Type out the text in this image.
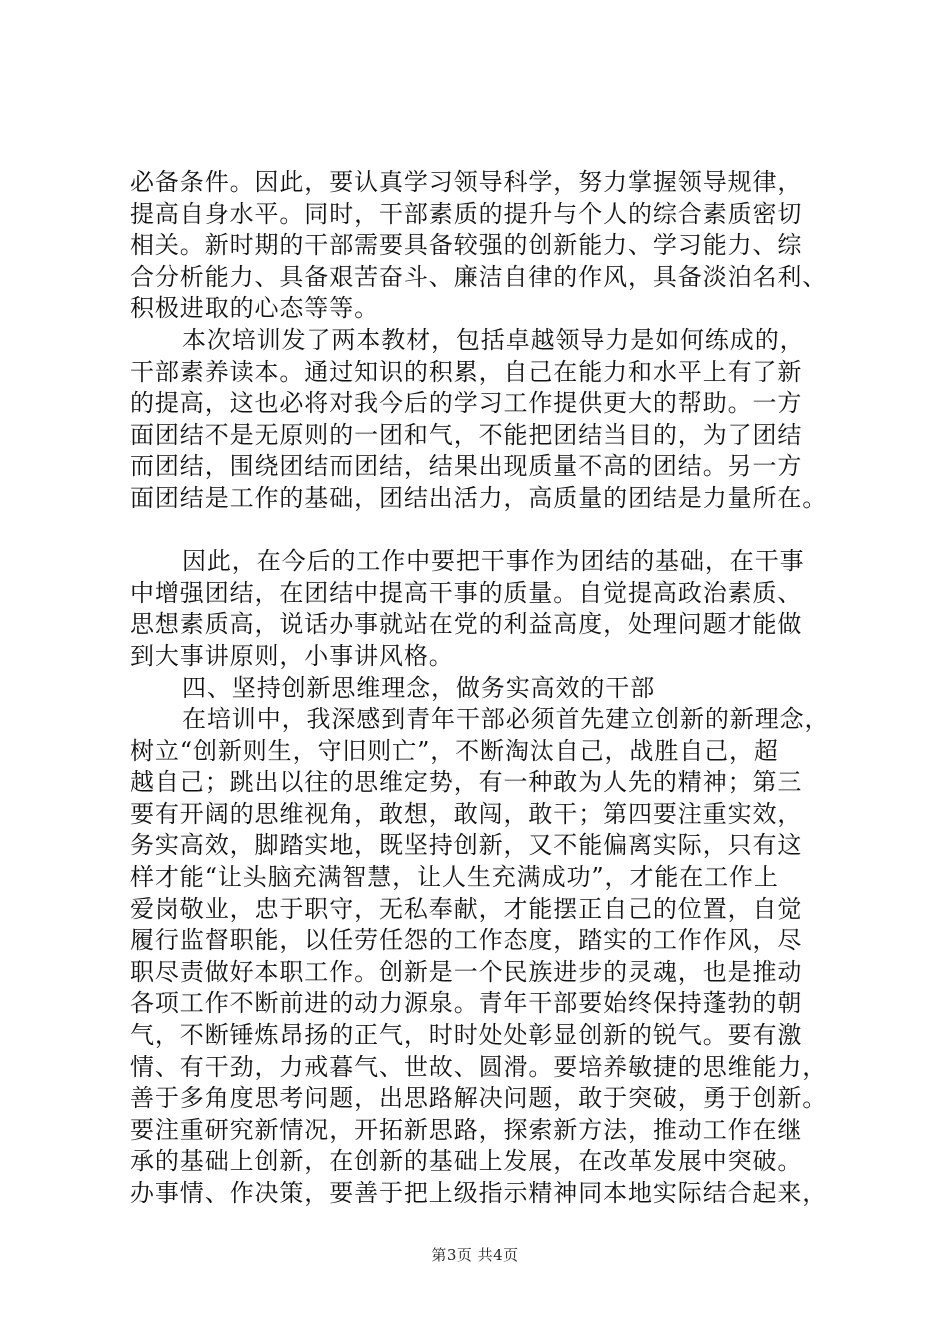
必备条件。因此，要认真学习领导科学，努力掌握领导规律，
提高自身水平。同时，干部素质的提升与个人的综合素质密切
相关。新时期的干部需要具备较强的创新能力、学习能力、综
合分析能力、具备艰苦奋斗、廉洁自律的作风，具备淡泊名利、
积极进取的心态等等。
本次培训发了两本教材，包括卓越领导力是如何练成的，
干部素养读本。通过知识的积累，自己在能力和水平上有了新
的提高，这也必将对我今后的学习工作提供更大的帮助。一方
面团结不是无原则的一团和气，不能把团结当目的，为了团结
而团结，围绕团结而团结，结果出现质量不高的团结。另一方
面团结是工作的基础，团结出活力，高质量的团结是力量所在。
因此，在今后的工作中要把干事作为团结的基础，在干事
中增强团结，在团结中提高干事的质量。自觉提高政治素质、
思想素质高，说话办事就站在党的利益高度，处理问题才能做
到大事讲原则，小事讲风格。
四、坚持创新思维理念，做务实高效的干部
在培训中，我深感到青年干部必须首先建立创新的新理念，
树立“创新则生，守旧则亡”，不断淘汰自己，战胜自己，超
越自己；跳出以往的思维定势，有一种敢为人先的精神；第三
要有开阔的思维视角，敢想，敢闯，敢干；第四要注重实效，
务实高效，脚踏实地，既坚持创新，又不能偏离实际，只有这
样才能“让头脑充满智慧，让人生充满成功”，才能在工作上
爱岗敬业，忠于职守，无私奉献，才能摆正自己的位置，自觉
履行监督职能，以任劳任怨的工作态度，踏实的工作作风，尽
职尽责做好本职工作。创新是一个民族进步的灵魂，也是推动
各项工作不断前进的动力源泉。青年干部要始终保持蓬勃的朝
气，不断锤炼昂扬的正气，时时处处彰显创新的锐气。要有激
情、有干劲，力戒暮气、世故、圆滑。要培养敏捷的思维能力，
善于多角度思考问题，出思路解决问题，敢于突破，勇于创新。
要注重研究新情况，开拓新思路，探索新方法，推动工作在继
承的基础上创新，在创新的基础上发展，在改革发展中突破。
办事情、作决策，要善于把上级指示精神同本地实际结合起来，
第3页 共4页
